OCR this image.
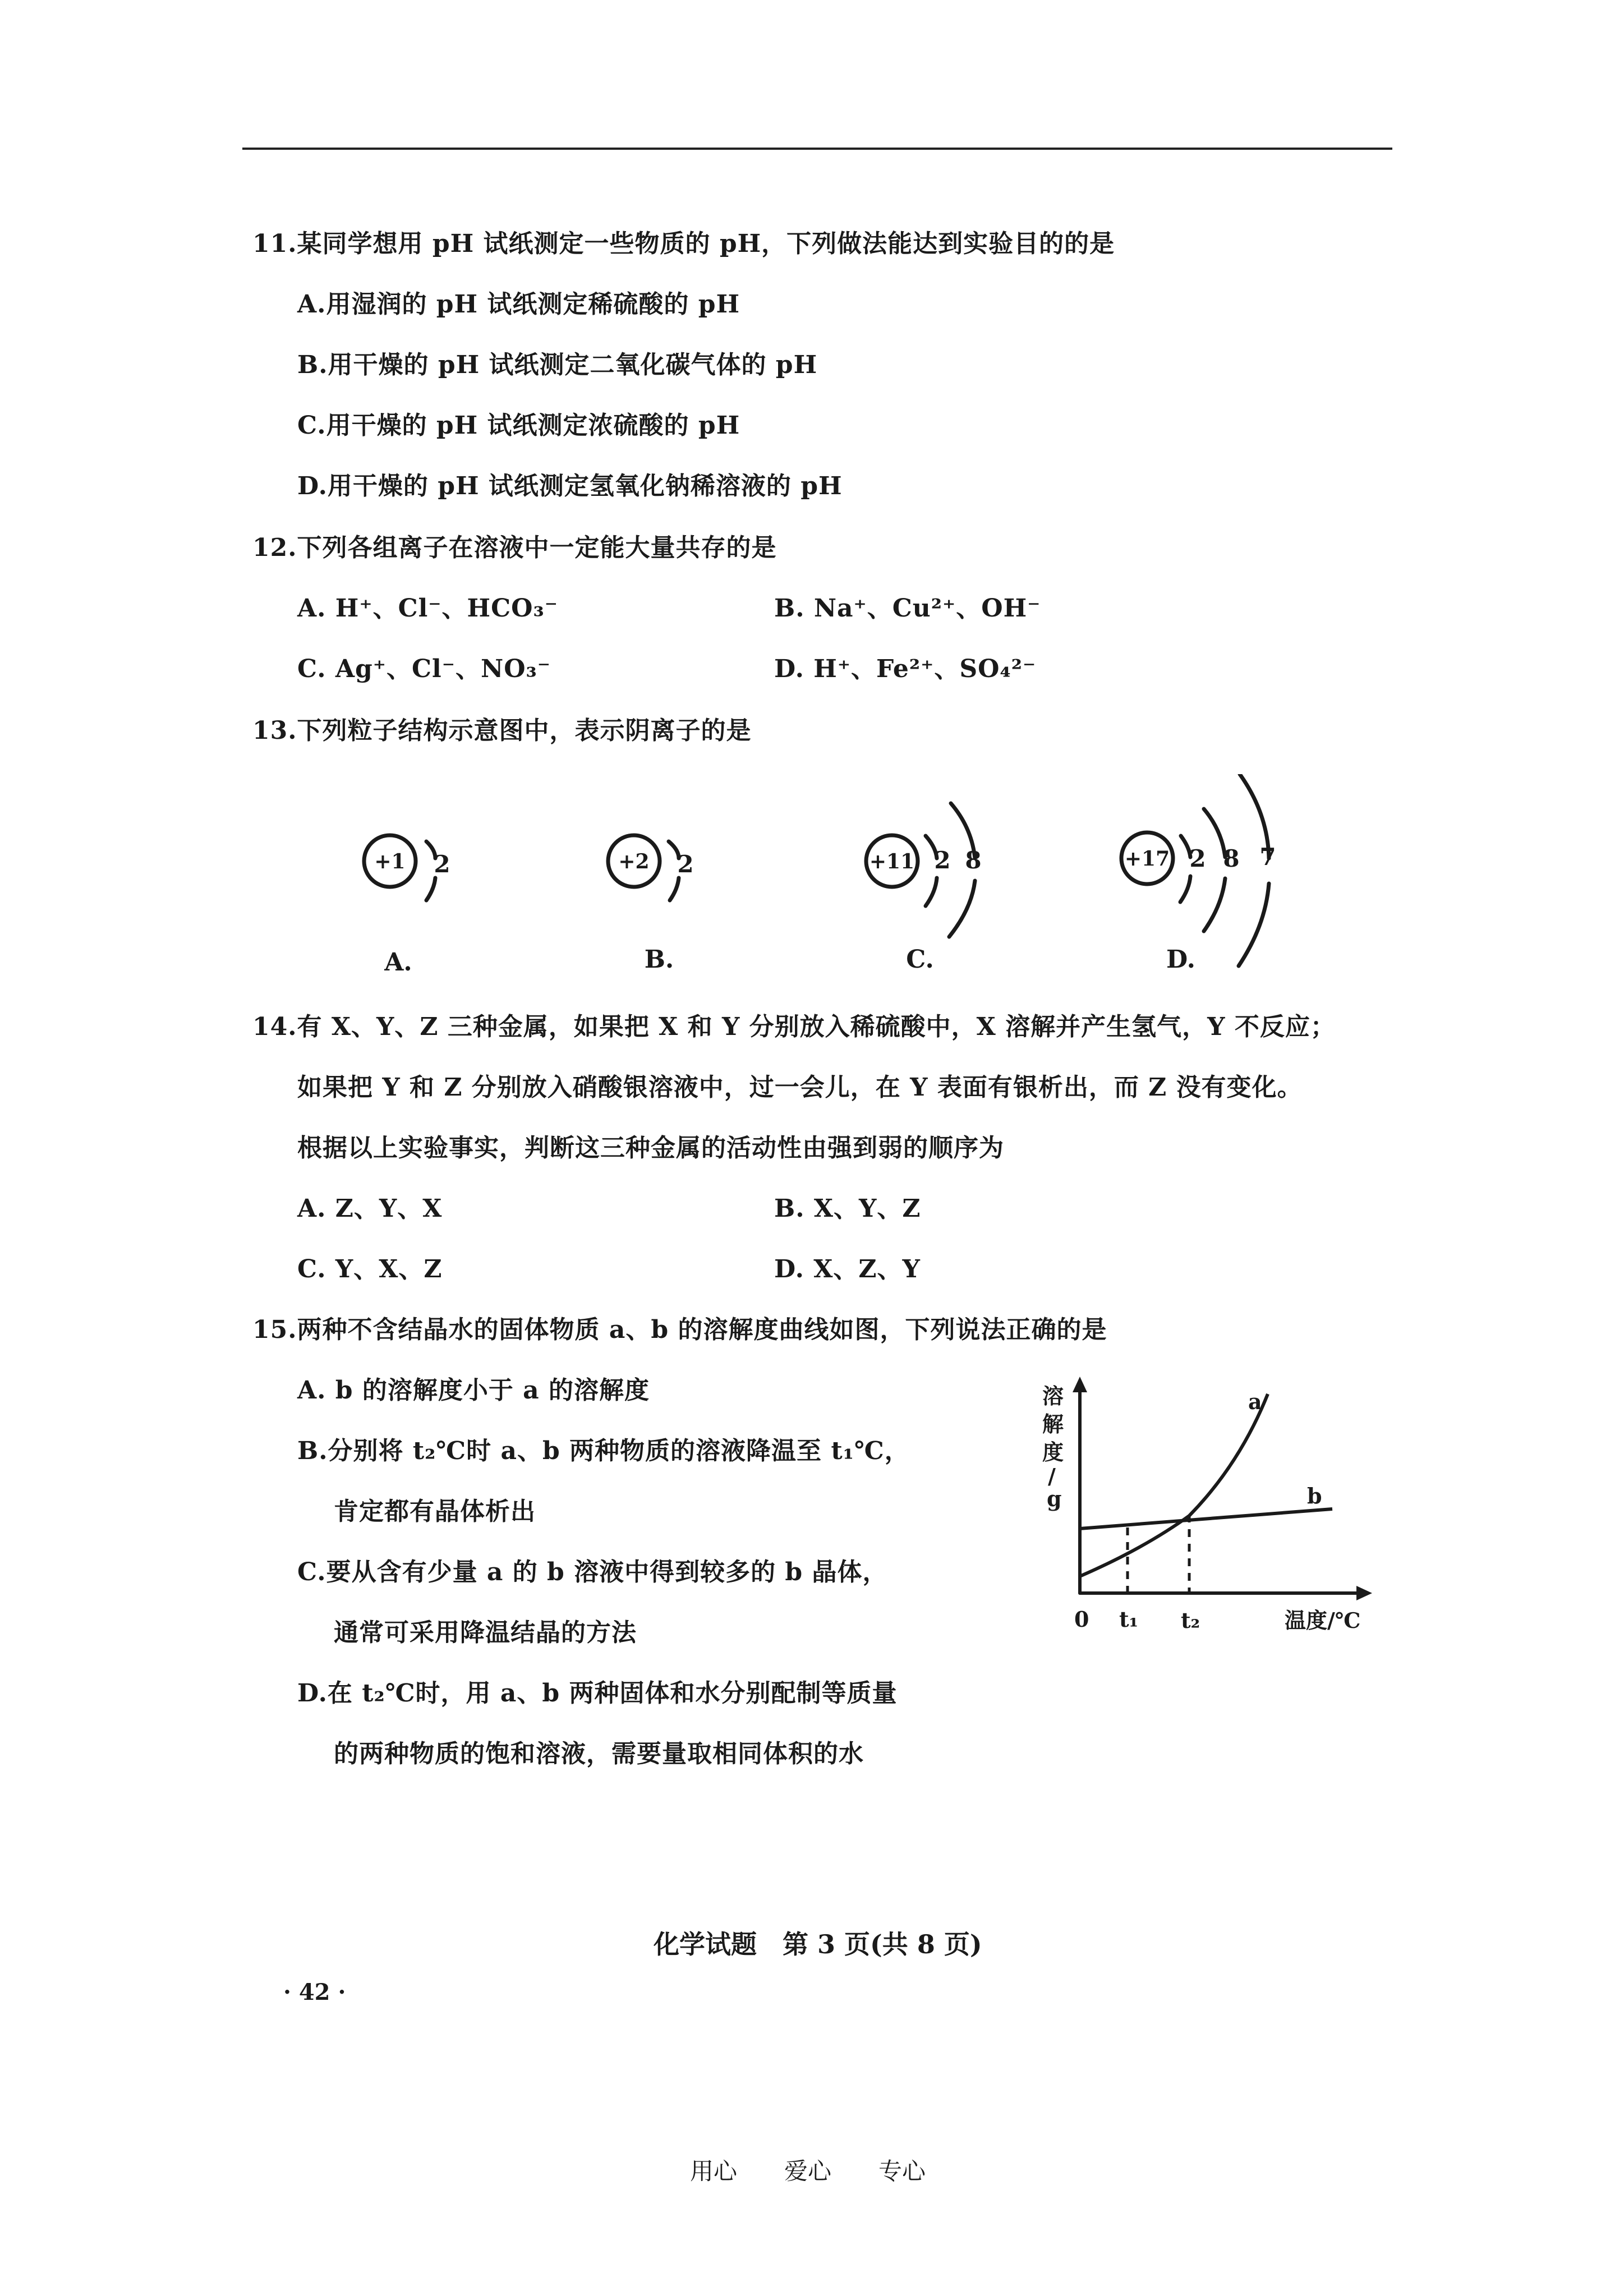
11.某同学想用 pH 试纸测定一些物质的 pH，下列做法能达到实验目的的是
A.用湿润的 pH 试纸测定稀硫酸的 pH
B.用干燥的 pH 试纸测定二氧化碳气体的 pH
C.用干燥的 pH 试纸测定浓硫酸的 pH
D.用干燥的 pH 试纸测定氢氧化钠稀溶液的 pH
12.下列各组离子在溶液中一定能大量共存的是
A. H⁺、Cl⁻、HCO₃⁻	B. Na⁺、Cu²⁺、OH⁻
C. Ag⁺、Cl⁻、NO₃⁻	D. H⁺、Fe²⁺、SO₄²⁻
13.下列粒子结构示意图中，表示阴离子的是
+1	+2	+11	+17
2	2	2 8	2 8 7
A.	B.	C.	D.
14.有 X、Y、Z 三种金属，如果把 X 和 Y 分别放入稀硫酸中，X 溶解并产生氢气，Y 不反应；
如果把 Y 和 Z 分别放入硝酸银溶液中，过一会儿，在 Y 表面有银析出，而 Z 没有变化。
根据以上实验事实，判断这三种金属的活动性由强到弱的顺序为
A. Z、Y、X	B. X、Y、Z
C. Y、X、Z	D. X、Z、Y
15.两种不含结晶水的固体物质 a、b 的溶解度曲线如图，下列说法正确的是
A. b 的溶解度小于 a 的溶解度
B.分别将 t₂℃时 a、b 两种物质的溶液降温至 t₁℃，
肯定都有晶体析出
C.要从含有少量 a 的 b 溶液中得到较多的 b 晶体，
通常可采用降温结晶的方法
D.在 t₂℃时，用 a、b 两种固体和水分别配制等质量
的两种物质的饱和溶液，需要量取相同体积的水
溶
解
度
/
g
a
b
0 t₁ t₂	温度/℃
化学试题　第 3 页(共 8 页)
· 42 ·
用心　　爱心　　专心
